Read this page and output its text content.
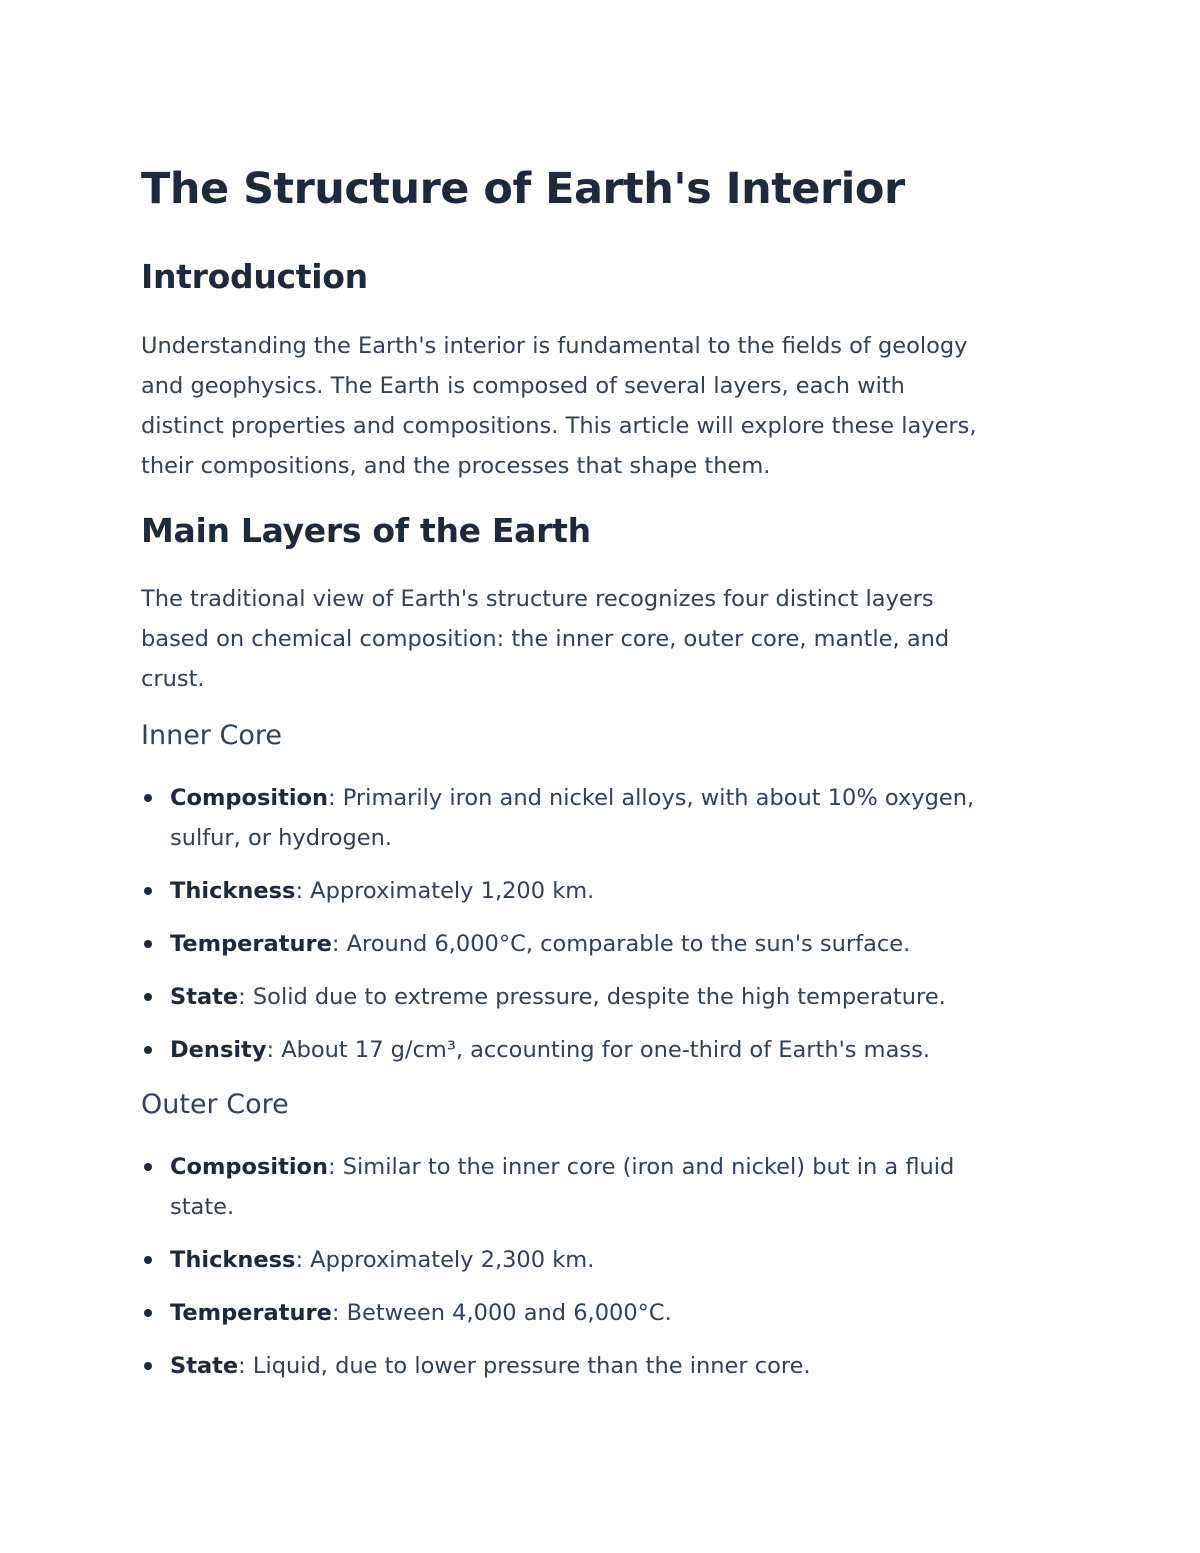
The Structure of Earth's Interior
Introduction

Understanding the Earth's interior is fundamental to the fields of geology
and geophysics. The Earth is composed of several layers, each with
distinct properties and compositions. This article will explore these layers,
their compositions, and the processes that shape them.

Main Layers of the Earth

The traditional view of Earth's structure recognizes four distinct layers
based on chemical composition: the inner core, outer core, mantle, and
crust.

Inner Core
Composition: Primarily iron and nickel alloys, with about 10% oxygen,
sulfur, or hydrogen.
Thickness: Approximately 1,200 km.
Temperature: Around 6,000°C, comparable to the sun's surface.
State: Solid due to extreme pressure, despite the high temperature.
Density: About 17 g/cm³, accounting for one-third of Earth's mass.
Outer Core
Composition: Similar to the inner core (iron and nickel) but in a fluid
state.
Thickness: Approximately 2,300 km.
Temperature: Between 4,000 and 6,000°C.
State: Liquid, due to lower pressure than the inner core.
